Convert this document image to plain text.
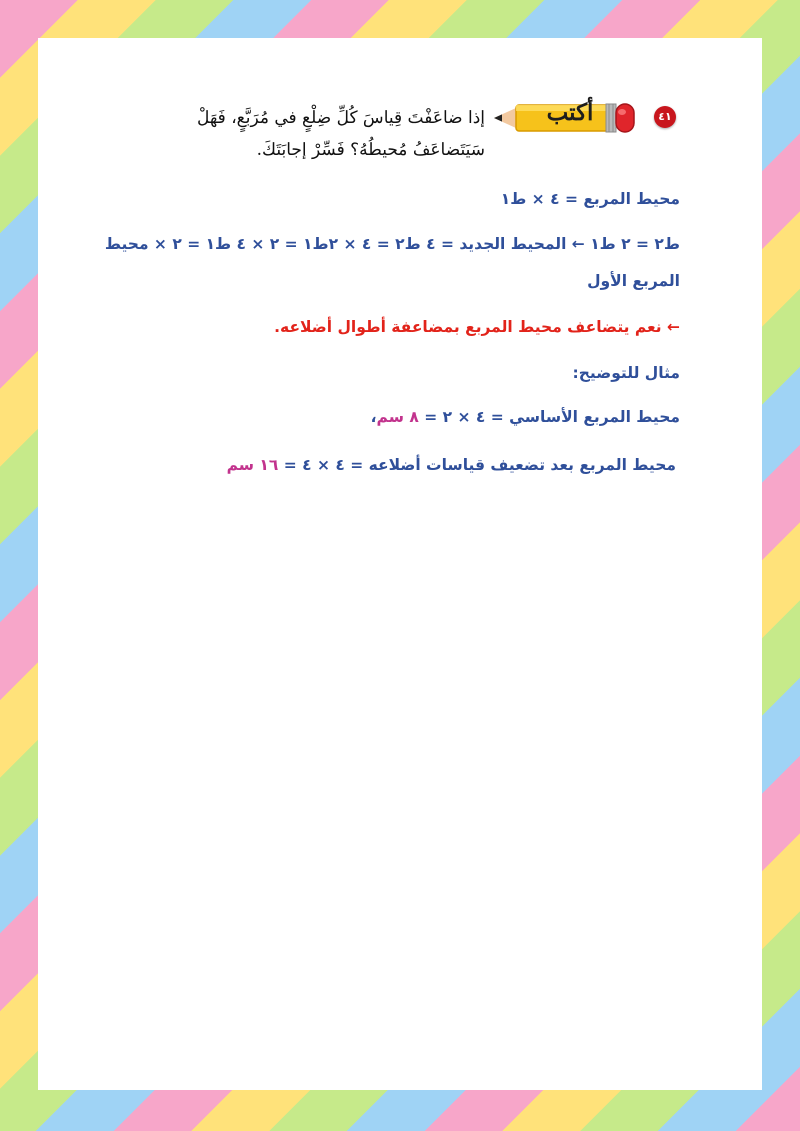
٤١
أكتب
إذا ضاعَفْتَ قِياسَ كُلِّ ضِلْعٍ في مُرَبَّعٍ، فَهَلْ
سَيَتَضاعَفُ مُحيطُهُ؟ فَسِّرْ إجابَتَكَ.
محيط المربع = ٤ × ط١
ط٢ = ٢ ط١ ← المحيط الجديد = ٤ ط٢ = ٤ × ٢ط١ = ٢ × ٤ ط١ = ٢ × محيط
المربع الأول
← نعم يتضاعف محيط المربع بمضاعفة أطوال أضلاعه.
مثال للتوضيح:
محيط المربع الأساسي = ٤ × ٢ = ٨ سم،
محيط المربع بعد تضعيف قياسات أضلاعه = ٤ × ٤ = ١٦ سم
